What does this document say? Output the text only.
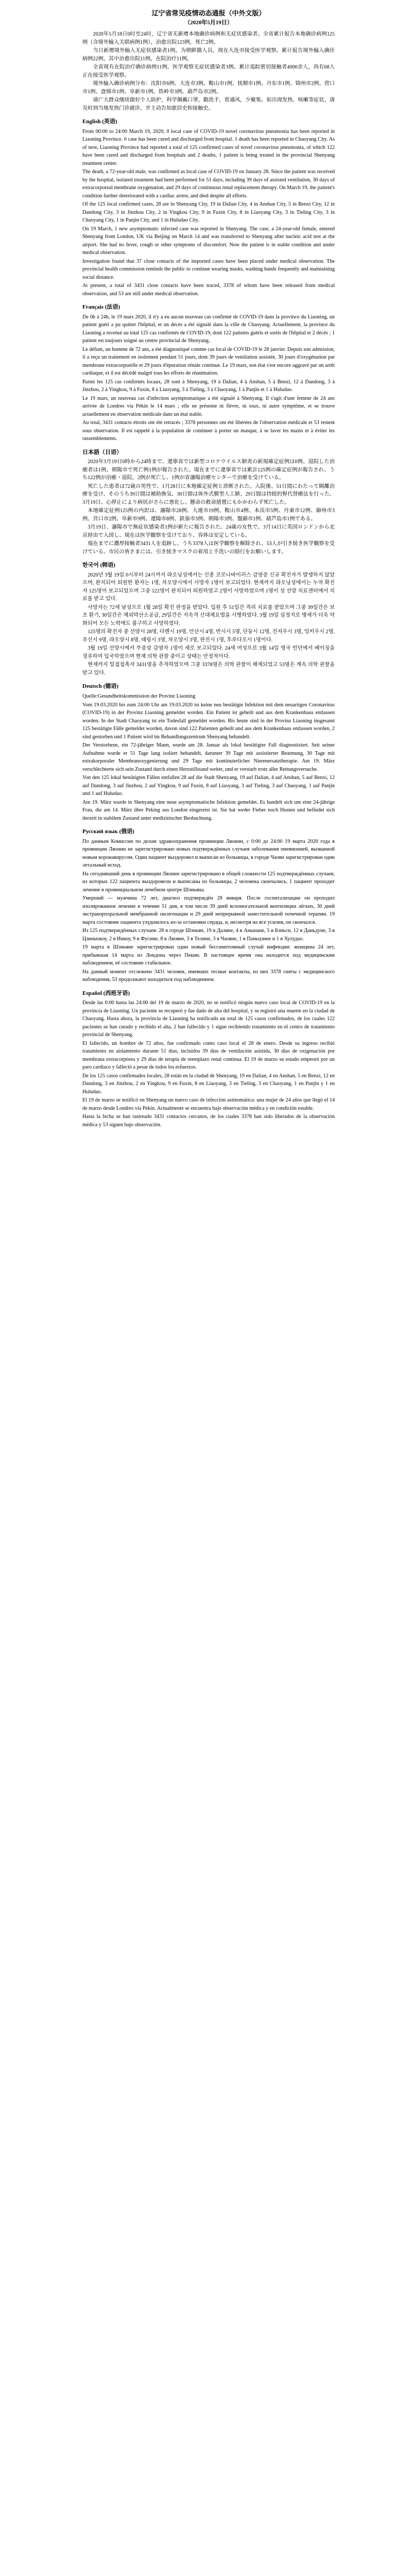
辽宁省常见疫情动态通报（中外文版）
（2020年5月19日）

2020年5月18日0时至24时，辽宁省无新增本地确诊病例和无症状感染者。全省累计报告本地确诊病例125例（含境外输入关联病例1例），治愈出院123例，死亡2例。

当日新增境外输入无症状感染者1例，为朝鲜籍人员，现在大连市接受医学观察。累计报告境外输入确诊病例22例，其中治愈出院11例，在院治疗11例。

全省现有在院治疗确诊病例11例，医学观察无症状感染者3例。累计追踪密切接触者4000余人，尚有68人正在接受医学观察。

境外输入确诊病例分布：沈阳市6例、大连市3例、鞍山市1例、抚顺市1例、丹东市1例、锦州市2例、营口市1例、盘锦市1例、阜新市1例、铁岭市3例、葫芦岛市2例。

请广大群众继续做好个人防护，科学佩戴口罩，勤洗手，常通风，少聚集。如出现发热、咳嗽等症状，请及时到当地发热门诊就诊，并主动告知旅居史和接触史。

English (英语)

From 00:00 to 24:00 March 19, 2020, 0 local case of COVID-19 novel coronavirus pneumonia has been reported in Liaoning Province. 0 case has been cured and discharged from hospital. 1 death has been reported in Chaoyang City. As of now, Liaoning Province had reported a total of 125 confirmed cases of novel coronavirus pneumonia, of which 122 have been cured and discharged from hospitals and 2 deaths, 1 patient is being treated in the provincial Shenyang treatment center.

The death, a 72-year-old male, was confirmed as local case of COVID-19 on January 28. Since the patient was received by the hospital, isolated treatment had been performed for 51 days, including 39 days of assisted ventilation, 30 days of extracorporeal membrane oxygenation, and 29 days of continuous renal replacement therapy. On March 19, the patient's condition further deteriorated with a cardiac arrest, and died despite all efforts.

Of the 125 local confirmed cases, 28 are in Shenyang City, 19 in Dalian City, 4 in Anshan City, 5 in Benxi City, 12 in Dandong City, 3 in Jinzhou City, 2 in Yingkou City, 9 in Fuxin City, 8 in Liaoyang City, 3 in Tieling City, 3 in Chaoyang City, 1 in Panjin City, and 1 in Huludao City.

On 19 March, 1 new asymptomatic infected case was reported in Shenyang. The case, a 24-year-old female, entered Shenyang from London, UK via Beijing on March 14 and was transferred to Shenyang after nucleic acid test at the airport. She had no fever, cough or other symptoms of discomfort. Now the patient is in stable condition and under medical observation.

Investigation found that 37 close contacts of the imported cases have been placed under medical observation. The provincial health commission reminds the public to continue wearing masks, washing hands frequently and maintaining social distance.

At present, a total of 3431 close contacts have been traced, 3378 of whom have been released from medical observation, and 53 are still under medical observation.

Français (法语)

De 0h à 24h, le 19 mars 2020, il n'y a eu aucun nouveau cas confirmé de COVID-19 dans la province du Liaoning, un patient guéri a pu quitter l'hôpital, et un décès a été signalé dans la ville de Chaoyang. Actuellement, la province du Liaoning a recensé au total 125 cas confirmés de COVID-19, dont 122 patients guéris et sortis de l'hôpital et 2 décès ; 1 patient est toujours soigné au centre provincial de Shenyang.

Le défunt, un homme de 72 ans, a été diagnostiqué comme cas local de COVID-19 le 28 janvier. Depuis son admission, il a reçu un traitement en isolement pendant 51 jours, dont 39 jours de ventilation assistée, 30 jours d'oxygénation par membrane extracorporelle et 29 jours d'épuration rénale continue. Le 19 mars, son état s'est encore aggravé par un arrêt cardiaque, et il est décédé malgré tous les efforts de réanimation.

Parmi les 125 cas confirmés locaux, 28 sont à Shenyang, 19 à Dalian, 4 à Anshan, 5 à Benxi, 12 à Dandong, 3 à Jinzhou, 2 à Yingkou, 9 à Fuxin, 8 à Liaoyang, 3 à Tieling, 3 à Chaoyang, 1 à Panjin et 1 à Huludao.

Le 19 mars, un nouveau cas d'infection asymptomatique a été signalé à Shenyang. Il s'agit d'une femme de 24 ans arrivée de Londres via Pékin le 14 mars ; elle ne présente ni fièvre, ni toux, ni autre symptôme, et se trouve actuellement en observation médicale dans un état stable.

Au total, 3431 contacts étroits ont été retracés ; 3378 personnes ont été libérées de l'observation médicale et 53 restent sous observation. Il est rappelé à la population de continuer à porter un masque, à se laver les mains et à éviter les rassemblements.

日本語（日语）

2020年3月19日0時から24時まで、遼寧省では新型コロナウイルス肺炎の新規確定症例は0例、退院した治癒者は1例、朝陽市で死亡例1例が報告された。現在までに遼寧省では累計125例の確定症例が報告され、うち122例が治癒・退院、2例が死亡し、1例が省瀋陽治療センターで治療を受けている。

死亡した患者は72歳の男性で、1月28日に本地確定症例と診断された。入院後、51日間にわたって隔離治療を受け、そのうち39日間は補助換気、30日間は体外式膜型人工肺、29日間は持続的腎代替療法を行った。3月19日、心停止により病状がさらに悪化し、懸命の救命措置にもかかわらず死亡した。

本地確定症例125例の内訳は、瀋陽市28例、大連市19例、鞍山市4例、本渓市5例、丹東市12例、錦州市3例、営口市2例、阜新市9例、遼陽市8例、鉄嶺市3例、朝陽市3例、盤錦市1例、葫芦島市1例である。

3月19日、瀋陽市で無症状感染者1例が新たに報告された。24歳の女性で、3月14日に英国ロンドンから北京経由で入国し、現在は医学観察を受けており、容体は安定している。

現在までに濃厚接触者3431人を追跡し、うち3378人は医学観察を解除され、53人が引き続き医学観察を受けている。市民の皆さまには、引き続きマスクの着用と手洗いの励行をお願いします。

한국어 (韩语)

2020년 3월 19일 0시부터 24시까지 랴오닝성에서는 신종 코로나바이러스 감염증 신규 확진자가 발생하지 않았으며, 완치되어 퇴원한 환자는 1명, 차오양시에서 사망자 1명이 보고되었다. 현재까지 랴오닝성에서는 누적 확진자 125명이 보고되었으며 그중 122명이 완치되어 퇴원하였고 2명이 사망하였으며 1명이 성 선양 치료센터에서 치료를 받고 있다.

사망자는 72세 남성으로 1월 28일 확진 판정을 받았다. 입원 후 51일간 격리 치료를 받았으며 그중 39일간은 보조 환기, 30일간은 체외막산소공급, 29일간은 지속적 신대체요법을 시행하였다. 3월 19일 심정지로 병세가 더욱 악화되어 모든 노력에도 불구하고 사망하였다.

125명의 확진자 중 선양시 28명, 다롄시 19명, 안산시 4명, 번시시 5명, 단둥시 12명, 진저우시 3명, 잉커우시 2명, 푸신시 9명, 랴오양시 8명, 톄링시 3명, 차오양시 3명, 판진시 1명, 후루다오시 1명이다.

3월 19일 선양시에서 무증상 감염자 1명이 새로 보고되었다. 24세 여성으로 3월 14일 영국 런던에서 베이징을 경유하여 입국하였으며 현재 의학 관찰 중이고 상태는 안정적이다.

현재까지 밀접접촉자 3431명을 추적하였으며 그중 3378명은 의학 관찰이 해제되었고 53명은 계속 의학 관찰을 받고 있다.

Deutsch (德语)

Quelle:Gesundheitskommission der Provinz Liaoning

Vom 19.03.2020 bis zum 24:00 Uhr am 19.03.2020 ist keine neu bestätigte Infektion mit dem neuartigen Coronavirus (COVID-19) in der Provinz Liaoning gemeldet worden. Ein Patient ist geheilt und aus dem Krankenhaus entlassen worden. In der Stadt Chaoyang ist ein Todesfall gemeldet worden. Bis heute sind in der Provinz Liaoning insgesamt 125 bestätigte Fälle gemeldet worden, davon sind 122 Patienten geheilt und aus dem Krankenhaus entlassen worden, 2 sind gestorben und 1 Patient wird im Behandlungszentrum Shenyang behandelt.

Der Verstorbene, ein 72-jähriger Mann, wurde am 28. Januar als lokal bestätigter Fall diagnostiziert. Seit seiner Aufnahme wurde er 51 Tage lang isoliert behandelt, darunter 39 Tage mit assistierter Beatmung, 30 Tage mit extrakorporaler Membranoxygenierung und 29 Tage mit kontinuierlicher Nierenersatztherapie. Am 19. März verschlechterte sich sein Zustand durch einen Herzstillstand weiter, und er verstarb trotz aller Rettungsversuche.

Von den 125 lokal bestätigten Fällen entfallen 28 auf die Stadt Shenyang, 19 auf Dalian, 4 auf Anshan, 5 auf Benxi, 12 auf Dandong, 3 auf Jinzhou, 2 auf Yingkou, 9 auf Fuxin, 8 auf Liaoyang, 3 auf Tieling, 3 auf Chaoyang, 1 auf Panjin und 1 auf Huludao.

Am 19. März wurde in Shenyang eine neue asymptomatische Infektion gemeldet. Es handelt sich um eine 24-jährige Frau, die am 14. März über Peking aus London eingereist ist. Sie hat weder Fieber noch Husten und befindet sich derzeit in stabilem Zustand unter medizinischer Beobachtung.

Русский язык (俄语)

По данным Комиссии по делам здравоохранения провинции Ляонин, с 0:00 до 24:00 19 марта 2020 года в провинции Ляонин не зарегистрировано новых подтверждённых случаев заболевания пневмонией, вызванной новым коронавирусом. Один пациент выздоровел и выписан из больницы, в городе Чаоян зарегистрирован один летальный исход.

На сегодняшний день в провинции Ляонин зарегистрировано в общей сложности 125 подтверждённых случаев, из которых 122 пациента выздоровели и выписаны из больницы, 2 человека скончались, 1 пациент проходит лечение в провинциальном лечебном центре Шэньяна.

Умерший — мужчина 72 лет, диагноз подтверждён 28 января. После госпитализации он проходил изолированное лечение в течение 51 дня, в том числе 39 дней вспомогательной вентиляции лёгких, 30 дней экстракорпоральной мембранной оксигенации и 29 дней непрерывной заместительной почечной терапии. 19 марта состояние пациента ухудшилось из-за остановки сердца, и, несмотря на все усилия, он скончался.

Из 125 подтверждённых случаев: 28 в городе Шэньян, 19 в Даляне, 4 в Аньшане, 5 в Бэньси, 12 в Даньдуне, 3 в Цзиньчжоу, 2 в Инкоу, 9 в Фусине, 8 в Ляояне, 3 в Телине, 3 в Чаояне, 1 в Паньцзине и 1 в Хулудао.

19 марта в Шэньяне зарегистрирован один новый бессимптомный случай инфекции: женщина 24 лет, прибывшая 14 марта из Лондона через Пекин. В настоящее время она находится под медицинским наблюдением, её состояние стабильное.

На данный момент отслежено 3431 человек, имевших тесные контакты, из них 3378 сняты с медицинского наблюдения, 53 продолжают находиться под наблюдением.

Español (西班牙语)

Desde las 0:00 hasta las 24:00 del 19 de marzo de 2020, no se notificó ningún nuevo caso local de COVID-19 en la provincia de Liaoning. Un paciente se recuperó y fue dado de alta del hospital, y se registró una muerte en la ciudad de Chaoyang. Hasta ahora, la provincia de Liaoning ha notificado un total de 125 casos confirmados, de los cuales 122 pacientes se han curado y recibido el alta, 2 han fallecido y 1 sigue recibiendo tratamiento en el centro de tratamiento provincial de Shenyang.

El fallecido, un hombre de 72 años, fue confirmado como caso local el 28 de enero. Desde su ingreso recibió tratamiento en aislamiento durante 51 días, incluidos 39 días de ventilación asistida, 30 días de oxigenación por membrana extracorpórea y 29 días de terapia de reemplazo renal continua. El 19 de marzo su estado empeoró por un paro cardíaco y falleció a pesar de todos los esfuerzos.

De los 125 casos confirmados locales, 28 están en la ciudad de Shenyang, 19 en Dalian, 4 en Anshan, 5 en Benxi, 12 en Dandong, 3 en Jinzhou, 2 en Yingkou, 9 en Fuxin, 8 en Liaoyang, 3 en Tieling, 3 en Chaoyang, 1 en Panjin y 1 en Huludao.

El 19 de marzo se notificó en Shenyang un nuevo caso de infección asintomática: una mujer de 24 años que llegó el 14 de marzo desde Londres vía Pekín. Actualmente se encuentra bajo observación médica y en condición estable.

Hasta la fecha se han rastreado 3431 contactos cercanos, de los cuales 3378 han sido liberados de la observación médica y 53 siguen bajo observación.
